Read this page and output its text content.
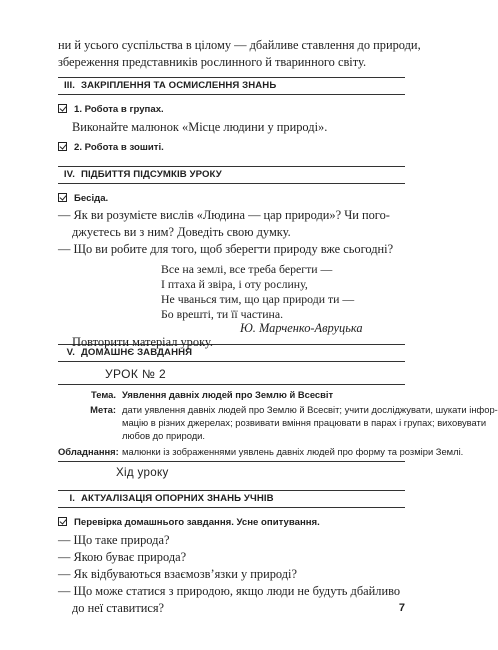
ни й усього суспільства в цілому — дбайливе ставлення до природи,
збереження представників рослинного й тваринного світу.
III. ЗАКРІПЛЕННЯ ТА ОСМИСЛЕННЯ ЗНАНЬ
1. Робота в групах.
Виконайте малюнок «Місце людини у природі».
2. Робота в зошиті.
IV. ПІДБИТТЯ ПІДСУМКІВ УРОКУ
Бесіда.
— Як ви розумієте вислів «Людина — цар природи»? Чи пого-
джуєтесь ви з ним? Доведіть свою думку.
— Що ви робите для того, щоб зберегти природу вже сьогодні?
Все на землі, все треба берегти —
І птаха й звіра, і оту рослину,
Не чванься тим, що цар природи ти —
Бо врешті, ти її частина.
Ю. Марченко-Авруцька
V. ДОМАШНЄ ЗАВДАННЯ
Повторити матеріал уроку.
УРОК № 2
Тема. Уявлення давніх людей про Землю й Всесвіт
Мета: дати уявлення давніх людей про Землю й Всесвіт; учити досліджувати, шукати інфор-
мацію в різних джерелах; розвивати вміння працювати в парах і групах; виховувати
любов до природи.
Обладнання: малюнки із зображеннями уявлень давніх людей про форму та розміри Землі.
Хід уроку
I. АКТУАЛІЗАЦІЯ ОПОРНИХ ЗНАНЬ УЧНІВ
Перевірка домашнього завдання. Усне опитування.
— Що таке природа?
— Якою буває природа?
— Як відбуваються взаємозв’язки у природі?
— Що може статися з природою, якщо люди не будуть дбайливо
до неї ставитися?	7
